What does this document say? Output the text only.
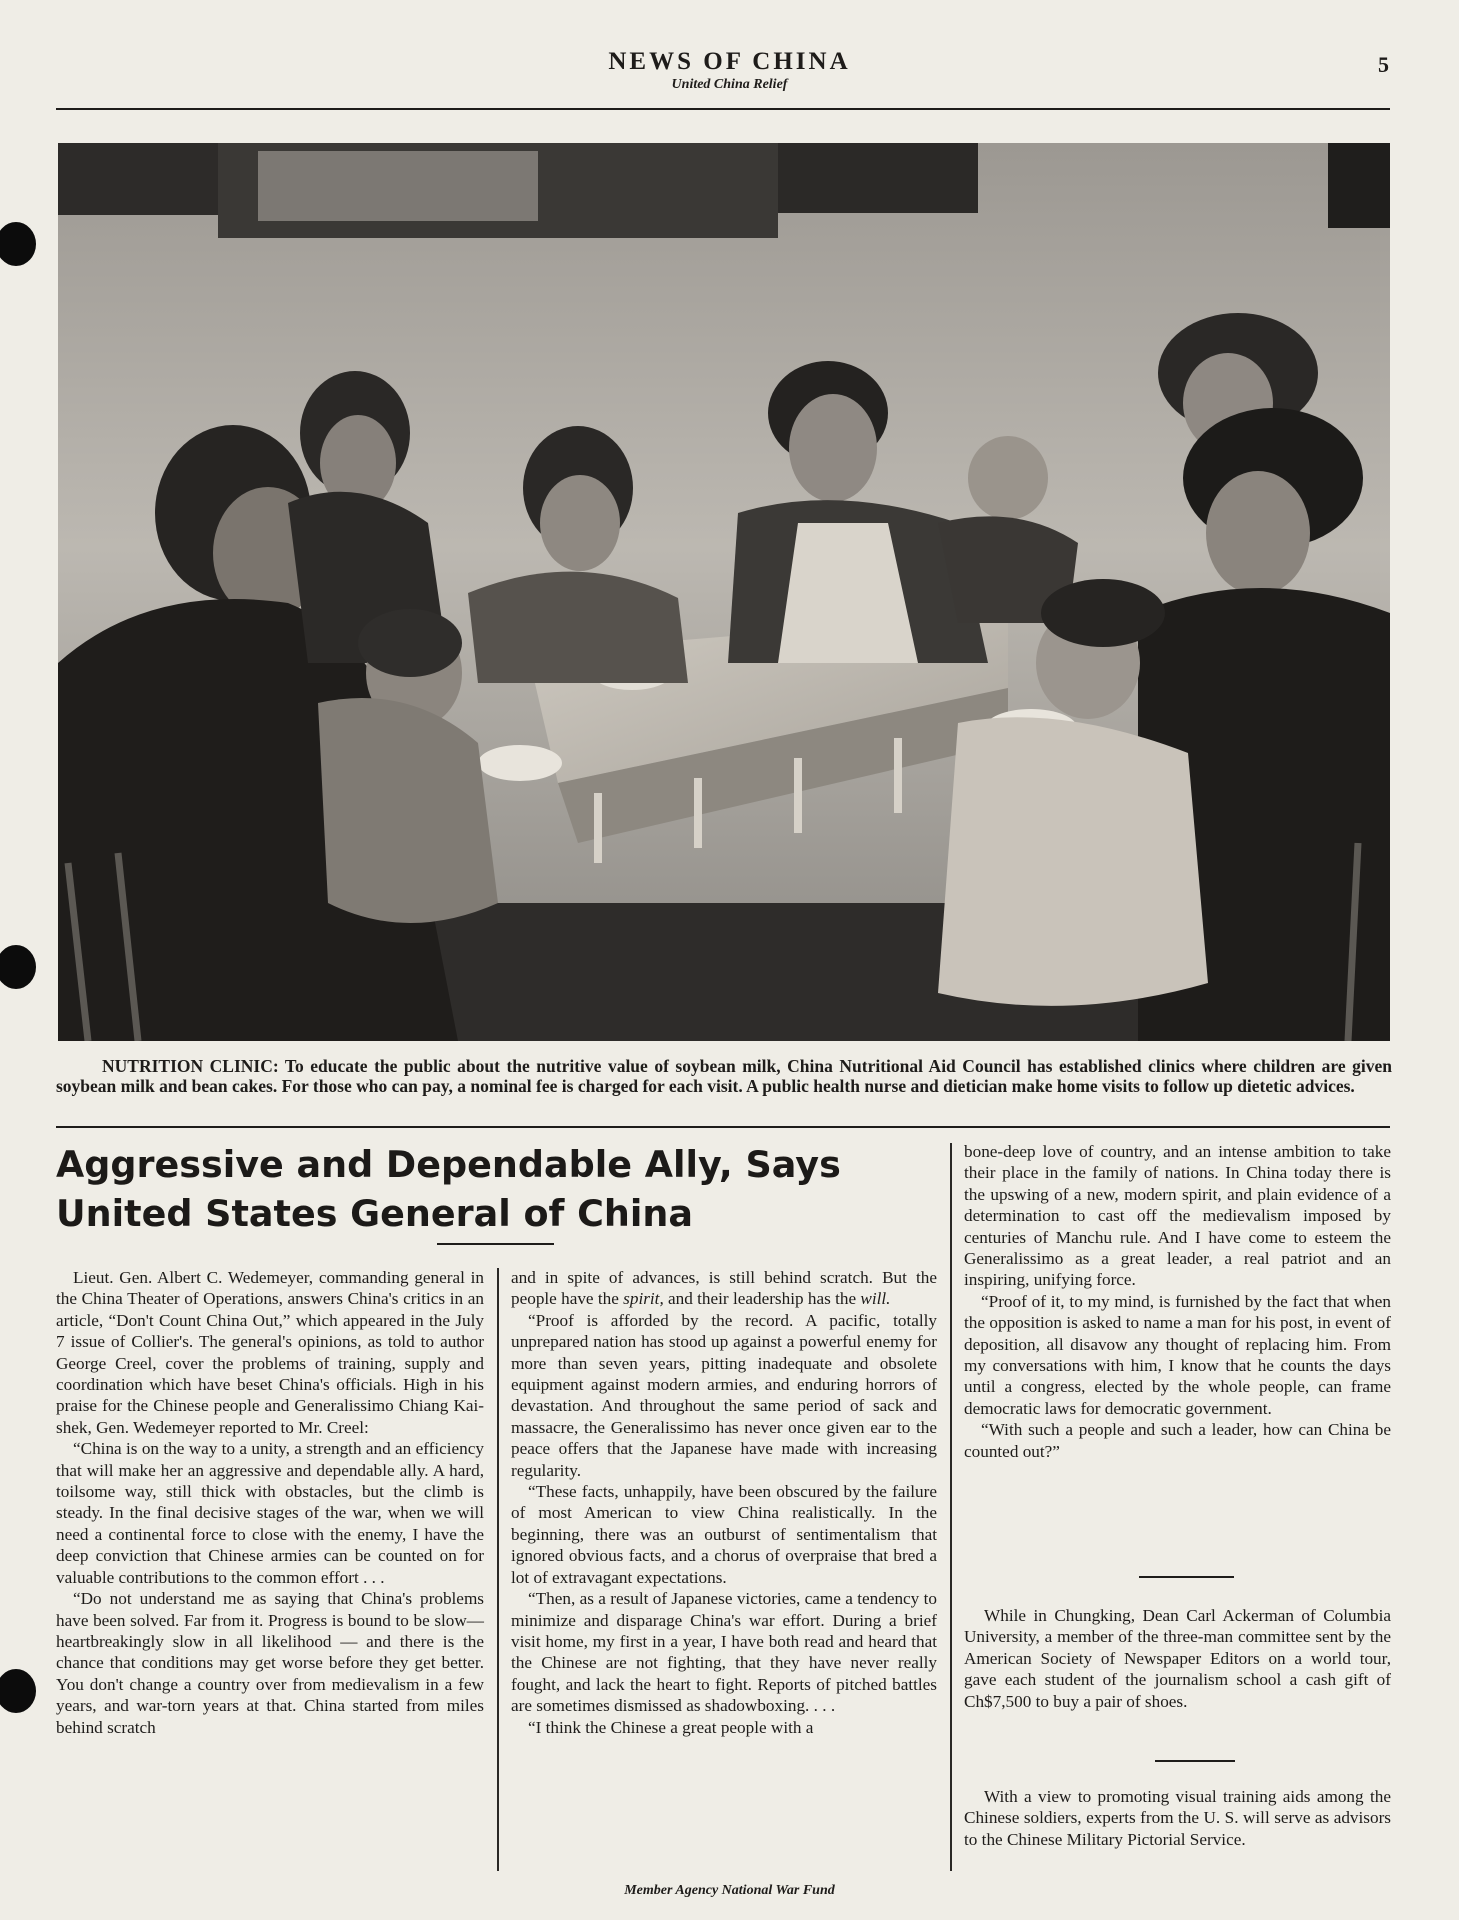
NEWS OF CHINA
United China Relief
5
NUTRITION CLINIC: To educate the public about the nutritive value of soybean milk, China Nutritional Aid Council has established clinics where children are given soybean milk and bean cakes. For those who can pay, a nominal fee is charged for each visit. A public health nurse and dietician make home visits to follow up dietetic advices.
Aggressive and Dependable Ally, Says
United States General of China

Lieut. Gen. Albert C. Wedemeyer, commanding general in the China Theater of Operations, answers China's critics in an article, “Don't Count China Out,” which appeared in the July 7 issue of Collier's. The general's opinions, as told to author George Creel, cover the problems of training, supply and coordination which have beset China's officials. High in his praise for the Chinese people and Generalissimo Chiang Kai-shek, Gen. Wedemeyer reported to Mr. Creel:

“China is on the way to a unity, a strength and an efficiency that will make her an aggressive and dependable ally. A hard, toilsome way, still thick with obstacles, but the climb is steady. In the final decisive stages of the war, when we will need a continental force to close with the enemy, I have the deep conviction that Chinese armies can be counted on for valuable contributions to the common effort . . .

“Do not understand me as saying that China's problems have been solved. Far from it. Progress is bound to be slow—heartbreakingly slow in all likelihood — and there is the chance that conditions may get worse before they get better. You don't change a country over from medievalism in a few years, and war-torn years at that. China started from miles behind scratch

and in spite of advances, is still behind scratch. But the people have the spirit, and their leadership has the will.

“Proof is afforded by the record. A pacific, totally unprepared nation has stood up against a powerful enemy for more than seven years, pitting inadequate and obsolete equipment against modern armies, and enduring horrors of devastation. And throughout the same period of sack and massacre, the Generalissimo has never once given ear to the peace offers that the Japanese have made with increasing regularity.

“These facts, unhappily, have been obscured by the failure of most American to view China realistically. In the beginning, there was an outburst of sentimentalism that ignored obvious facts, and a chorus of overpraise that bred a lot of extravagant expectations.

“Then, as a result of Japanese victories, came a tendency to minimize and disparage China's war effort. During a brief visit home, my first in a year, I have both read and heard that the Chinese are not fighting, that they have never really fought, and lack the heart to fight. Reports of pitched battles are sometimes dismissed as shadowboxing. . . .

“I think the Chinese a great people with a

bone-deep love of country, and an intense ambition to take their place in the family of nations. In China today there is the upswing of a new, modern spirit, and plain evidence of a determination to cast off the medievalism imposed by centuries of Manchu rule. And I have come to esteem the Generalissimo as a great leader, a real patriot and an inspiring, unifying force.

“Proof of it, to my mind, is furnished by the fact that when the opposition is asked to name a man for his post, in event of deposition, all disavow any thought of replacing him. From my conversations with him, I know that he counts the days until a congress, elected by the whole people, can frame democratic laws for democratic government.

“With such a people and such a leader, how can China be counted out?”

While in Chungking, Dean Carl Ackerman of Columbia University, a member of the three-man committee sent by the American Society of Newspaper Editors on a world tour, gave each student of the journalism school a cash gift of Ch$7,500 to buy a pair of shoes.

With a view to promoting visual training aids among the Chinese soldiers, experts from the U. S. will serve as advisors to the Chinese Military Pictorial Service.

Member Agency National War Fund
